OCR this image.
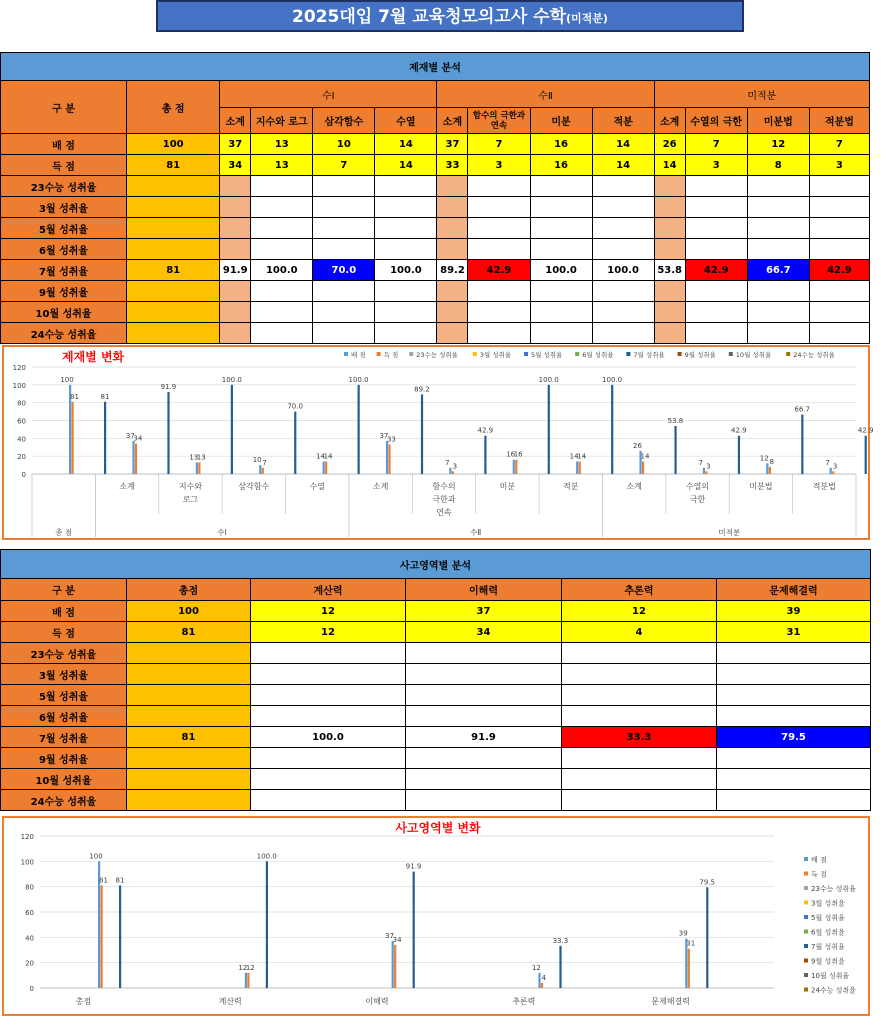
2025대입 7월 교육청모의고사 수학(미적분)
제재별 분석													
구 분	총 점	수Ⅰ				수Ⅱ				미적분			
		소계	지수와 로그	삼각함수	수열	소계	함수의 극한과 연속	미분	적분	소계	수열의 극한	미분법	적분법
배 점	100	37	13	10	14	37	7	16	14	26	7	12	7
득 점	81	34	13	7	14	33	3	16	14	14	3	8	3
23수능 성취율													
3월 성취율													
5월 성취율													
6월 성취율													
7월 성취율	81	91.9	100.0	70.0	100.0	89.2	42.9	100.0	100.0	53.8	42.9	66.7	42.9
9월 성취율													
10월 성취율													
24수능 성취율													
제재별 변화
0
20
40
60
80
100
120
100
81	81
37
34
91.9
13
13
100.0
10 7
70.0
14
14
100.0
37
33
89.2
7 3
42.9
16
16
100.0
14
14
100.0
26
14
53.8
7 3
42.9
12 8
66.7
7 3
42.9
배 점	득 점	23수능 성취율	3월 성취율	5월 성취율	6월 성취율	7월 성취율	9월 성취율	10월 성취율	24수능 성취율
소계	지수와
로그
삼각함수	수열	소계	함수의
극한과
연속
미분	적분	소계	수열의
극한
미분법	적분법
총 점	수Ⅰ	수Ⅱ	미적분
사고영역별 분석					
구 분	총점	계산력	이해력	추론력	문제해결력
배 점	100	12	37	12	39
득 점	81	12	34	4	31
23수능 성취율					
3월 성취율					
5월 성취율					
6월 성취율					
7월 성취율	81	100.0	91.9	33.3	79.5
9월 성취율					
10월 성취율					
24수능 성취율					
사고영역별 변화
0
20
40
60
80
100
120
100
81 81
12
12
100.0
37
34
91.9
12
4
33.3
39
31
79.5
총점	계산력	이해력	추론력	문제해결력
배 점
득 점
23수능 성취율
3월 성취율
5월 성취율
6월 성취율
7월 성취율
9월 성취율
10월 성취율
24수능 성취율
